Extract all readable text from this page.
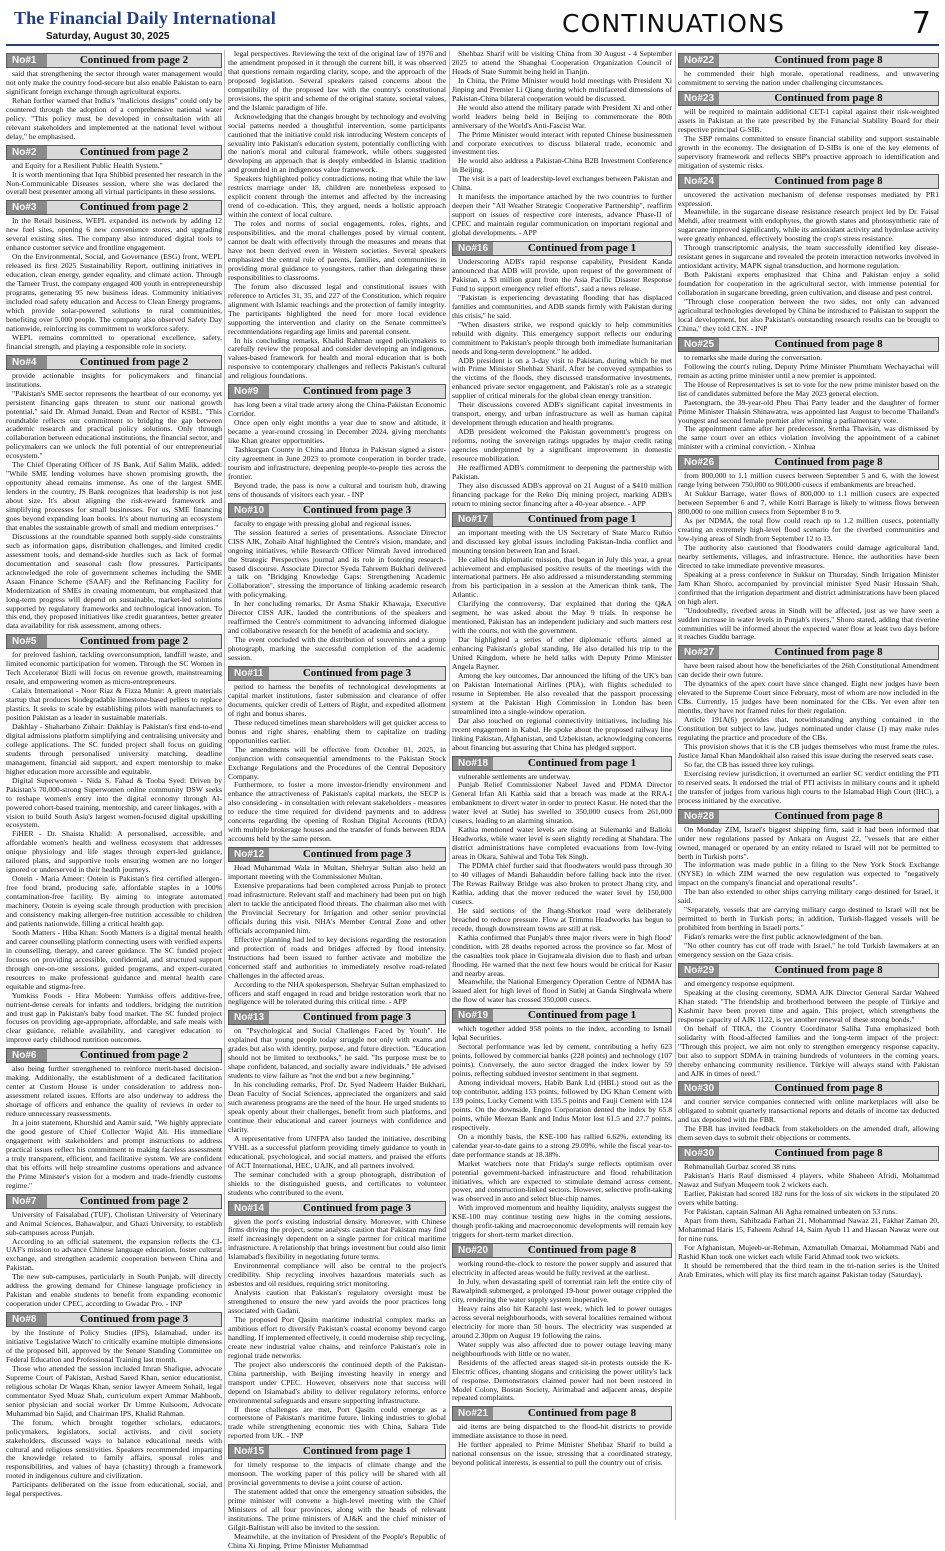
The Financial Daily International
Saturday, August 30, 2025	CONTINUATIONS	7
No#1	Continued from page 2

said that strengthening the sector through water management would not only make the country food-secure but also enable Pakistan to earn significant foreign exchange through agricultural exports.

Rehan further warned that India's "malicious designs" could only be countered through the adoption of a comprehensive national water policy. "This policy must be developed in consultation with all relevant stakeholders and implemented at the national level without delay," he emphasised.

No#2	Continued from page 2

and Equity for a Resilient Public Health System."

It is worth mentioning that Iqra Shibbid presented her research in the Non-Communicable Diseases session, where she was declared the overall best presenter among all virtual participants in these sessions.

No#3	Continued from page 2

In the Retail business, WEPL expanded its network by adding 12 new fuel sites, opening 6 new convenience stores, and upgrading several existing sites. The company also introduced digital tools to enhance customer service and frontline engagement.

On the Environmental, Social, and Governance (ESG) front, WEPL released its first 2025 Sustainability Report, outlining initiatives in education, clean energy, gender equality, and climate action. Through the Tameer Trust, the company engaged 400 youth in entrepreneurship programs, generating 95 new business ideas. Community initiatives included road safety education and Access to Clean Energy programs, which provide solar-powered solutions to rural communities, benefiting over 5,000 people. The company also observed Safety Day nationwide, reinforcing its commitment to workforce safety.

WEPL remains committed to operational excellence, safety, financial strength, and playing a responsible role in society.

No#4	Continued from page 2

provide actionable insights for policymakers and financial institutions.

"Pakistan's SME sector represents the heartbeat of our economy, yet persistent financing gaps threaten to stunt our national growth potential," said Dr. Ahmad Junaid, Dean and Rector of KSBL. "This roundtable reflects our commitment to bridging the gap between academic research and practical policy solutions. Only through collaboration between educational institutions, the financial sector, and policymakers can we unlock the full potential of our entrepreneurial ecosystem."

The Chief Operating Officer of JS Bank, Atif Salim Malik, added: "While SME lending volumes have shown promising growth, the opportunity ahead remains immense. As one of the largest SME lenders in the country, JS Bank recognizes that leadership is not just about size. It's about aligning the risk-reward framework and simplifying processes for small businesses. For us, SME financing goes beyond expanding loan books. It's about nurturing an ecosystem that enables the sustainable growth of small and medium enterprises."

Discussions at the roundtable spanned both supply-side constraints such as information gaps, distribution challenges, and limited credit assessment tools, and demand-side hurdles such as lack of formal documentation and seasonal cash flow pressures. Participants acknowledged the role of government schemes including the SME Asaan Finance Scheme (SAAF) and the Refinancing Facility for Modernization of SMEs in creating momentum, but emphasized that long-term progress will depend on sustainable, market-led solutions supported by regulatory frameworks and technological innovation. To this end, they proposed initiatives like credit guarantees, better greater data availability for risk assessment, among others.

No#5	Continued from page 2

for preloved fashion, tackling overconsumption, landfill waste, and limited economic participation for women. Through the SC Women in Tech Accelerator Bizli will focus on revenue growth, mainstreaming resale, and empowering women as micro-entrepreneurs.

Calaix International - Noor Riaz & Fizza Munir: A green materials startup that produces biodegradable limestone-based pellets to replace plastics. It seeks to scale by establishing pilots with manufacturers to position Pakistan as a leader in sustainable materials.

Dakhlay - Shaharbano Zuhair: Dakhlay is Pakistan's first end-to-end digital admissions platform simplifying and centralising university and college applications. The SC funded project shall focus on guiding students through personalised university matching, deadline management, financial aid support, and expert mentorship to make higher education more accessible and equitable.

Digital Superwomen - Nida S. Fahad & Tooba Syed: Driven by Pakistan's 70,000-strong Superwomen online community DSW seeks to reshape women's entry into the digital economy through AI-powered cohort-based training, mentorship, and career linkages, with a vision to build South Asia's largest women-focused digital upskilling ecosystem.

FiHER - Dr. Shaista Khalid: A personalised, accessible, and affordable women's health and wellness ecosystem that addresses unique physiology and life stages through expert-led guidance, tailored plans, and supportive tools ensuring women are no longer ignored or underserved in their health journeys.

Ootein - Maria Ameer: Ootein is Pakistan's first certified allergen-free food brand, producing safe, affordable staples in a 100% contamination-free facility. By aiming to integrate automated machinery, Ootein is eyeing scale through production with precision and consistency making allergen-free nutrition accessible to children and patients nationwide, filling a critical health gap.

Sooth Matters - Hiba Khan: Sooth Matters is a digital mental health and career counselling platform connecting users with verified experts in counselling, therapy, and career guidance. The SC funded project focuses on providing accessible, confidential, and structured support through one-on-one sessions, guided programs, and expert-curated resources to make professional guidance and mental health care equitable and stigma-free.

Yumkiss Foods - Hira Mobeen: Yumkiss offers additive-free, nutrient-dense cereals for infants and toddlers, bridging the nutrition and trust gap in Pakistan's baby food market. The SC funded project focuses on providing age-appropriate, affordable, and safe meals with clear guidance, reliable availability, and caregiver education to improve early childhood nutrition outcomes.

No#6	Continued from page 2

also being further strengthened to reinforce merit-based decision-making. Additionally, the establishment of a dedicated facilitation center at Custom House is under consideration to address non-assessment related issues. Efforts are also underway to address the shortage of officers and enhance the quality of reviews in order to reduce unnecessary reassessments.

In a joint statement, Khurshid and Aamir said, "We highly appreciate the good gesture of Chief Collector Wajid Ali. His immediate engagement with stakeholders and prompt instructions to address practical issues reflect his commitment to making faceless assessment a truly transparent, efficient, and facilitative system. We are confident that his efforts will help streamline customs operations and advance the Prime Minister's vision for a modern and trade-friendly customs regime."

No#7	Continued from page 2

University of Faisalabad (TUF), Cholistan University of Veterinary and Animal Sciences, Bahawalpur, and Ghazi University, to establish sub-campuses across Punjab.

According to an official statement, the expansion reflects the CI-UAF's mission to advance Chinese language education, foster cultural exchange, and strengthen academic cooperation between China and Pakistan.

The new sub-campuses, particularly in South Punjab, will directly address the growing demand for Chinese language proficiency in Pakistan and enable students to benefit from expanding economic cooperation under CPEC, according to Gwadar Pro. - INP

No#8	Continued from page 3

by the Institute of Policy Studies (IPS), Islamabad, under its initiative 'Legislative Watch' to critically examine multiple dimensions of the proposed bill, approved by the Senate Standing Committee on Federal Education and Professional Training last month.

Those who attended the session included Imran Shafique, advocate Supreme Court of Pakistan, Arshad Saeed Khan, senior educationist, religious scholar Dr Waqas Khan, senior lawyer Ameem Sohail, legal commentator Syed Muaz Shah, curriculum expert Ammar Mahboob, senior physician and social worker Dr Umme Kulsoom, Advocate Muhammad bin Sajid, and Chairman IPS, Khalid Rahman.

The forum, which brought together scholars, educators, policymakers, legislators, social activists, and civil society stakeholders, discussed ways to balance educational needs with cultural and religious sensitivities. Speakers recommended imparting the knowledge related to family affairs, spousal roles and responsibilities, and values of haya (chastity) through a framework rooted in indigenous culture and civilization.

Participants deliberated on the issue from educational, social, and legal perspectives.

legal perspectives. Reviewing the text of the original law of 1976 and the amendment proposed in it through the current bill, it was observed that questions remain regarding clarity, scope, and the approach of the proposed legislation. Several speakers raised concerns about the compatibility of the proposed law with the country's constitutional provisions, the spirit and scheme of the original statute, societal values, and the Islamic paradigm of life.

Acknowledging that the changes brought by technology and evolving social patterns needed a thoughtful intervention, some participants cautioned that the initiative could risk introducing Western concepts of sexuality into Pakistan's education system, potentially conflicting with the nation's moral and cultural framework, while others suggested developing an approach that is deeply embedded in Islamic tradition and grounded in an indigenous value framework.

Speakers highlighted policy contradictions, noting that while the law restricts marriage under 18, children are nonetheless exposed to explicit content through the internet and affected by the increasing trend of co-education. This, they argued, needs a holistic approach within the context of local culture.

The roles and norms of social engagements, roles, rights, and responsibilities, and the moral challenges posed by virtual content, cannot be dealt with effectively through the measures and means that have not been derived even in Western societies. Several speakers emphasized the central role of parents, families, and communities in providing moral guidance to youngsters, rather than delegating these responsibilities to classrooms.

The forum also discussed legal and constitutional issues with reference to Articles 31, 35, and 227 of the Constitution, which require alignment with Islamic teachings and the protection of family integrity. The participants highlighted the need for more local evidence supporting the intervention and clarity on the Senate committee's recommendations regarding age limits and parental consent.

In his concluding remarks, Khalid Rahman urged policymakers to carefully review the proposal and consider developing an indigenous, values-based framework for health and moral education that is both responsive to contemporary challenges and reflects Pakistan's cultural and religious foundations.

No#9	Continued from page 3

has long been a vital trade artery along the China-Pakistan Economic Corridor.

Once open only eight months a year due to snow and altitude, it became a year-round crossing in December 2024, giving merchants like Khan greater opportunities.

Tashkurgan County in China and Hunza in Pakistan signed a sister-city agreement in June 2023 to promote cooperation in border trade, tourism and infrastructure, deepening people-to-people ties across the frontier.

Beyond trade, the pass is now a cultural and tourism hub, drawing tens of thousands of visitors each year. - INP

No#10	Continued from page 3

faculty to engage with pressing global and regional issues.

The session featured a series of presentations. Associate Director CISS AJK, Zohaib Altaf highlighted the Centre's vision, mandate, and ongoing initiatives, while Research Officer Nimrah Javed introduced the Strategic Perspectives journal and its role in fostering research-based discourse. Associate Director Syeda Tahreem Bukhari delivered a talk on "Bridging Knowledge Gaps: Strengthening Academic Collaboration", stressing the importance of linking academic research with policymaking.

In her concluding remarks, Dr Asma Shakir Khawaja, Executive Director CISS AJK, lauded the contributions of the speakers and reaffirmed the Centre's commitment to advancing informed dialogue and collaborative research for the benefit of academia and society.

The event concluded with the distribution of souvenirs and a group photograph, marking the successful completion of the academic session.

No#11	Continued from page 3

period to harness the benefits of technological developments at capital market institutions, faster submission and clearance of offer documents, quicker credit of Letters of Right, and expedited allotment of right and bonus shares.

These reduced timelines mean shareholders will get quicker access to bonus and right shares, enabling them to capitalize on trading opportunities earlier.

The amendments will be effective from October 01, 2025, in conjunction with consequential amendments to the Pakistan Stock Exchange Regulations and the Procedures of the Central Depository Company.

Furthermore, to foster a more investor-friendly environment and enhance the attractiveness of Pakistan's capital markets, the SECP is also considering - in consultation with relevant stakeholders - measures to reduce the time required for dividend payments and to address concerns regarding the opening of Roshan Digital Accounts (RDA) with multiple brokerage houses and the transfer of funds between RDA accounts held by the same person.

No#12	Continued from page 3

Head Muhammad Wala in Multan, Shehryar Sultan also held an important meeting with the Commissioner Multan.

Extensive preparations had been completed across Punjab to protect road infrastructure. Relevant staff and machinery had been put on high alert to tackle the anticipated flood threats. The chairman also met with the Provincial Secretary for Irrigation and other senior provincial officials during this visit. NHA's Member Central Zone and other officials accompanied him.

Effective planning had led to key decisions regarding the restoration and protection of roads and bridges affected by flood intensity. Instructions had been issued to further activate and mobilize the concerned staff and authorities to immediately resolve road-related challenges in the affected areas.

According to the NHA spokesperson, Shehryar Sultan emphasized to officers and staff engaged in road and bridge restoration work that no negligence will be tolerated during this critical time. - APP

No#13	Continued from page 3

on "Psychological and Social Challenges Faced by Youth". He explained that young people today struggle not only with exams and grades but also with identity, purpose, and future direction. "Education should not be limited to textbooks," he said. "Its purpose must be to shape confident, balanced, and socially aware individuals." He advised students to view failure as "not the end but a new beginning."

In his concluding remarks, Prof. Dr. Syed Nadeem Haider Bukhari, Dean Faculty of Social Sciences, appreciated the organizers and said such awareness programs are the need of the hour. He urged students to speak openly about their challenges, benefit from such platforms, and continue their educational and career journeys with confidence and clarity.

A representative from UNFPA also lauded the initiative, describing YVHL as a successful platform providing timely guidance to youth in educational, psychological, and social matters, and praised the efforts of ACT International, HEC, UAJK, and all partners involved.

The seminar concluded with a group photograph, distribution of shields to the distinguished guests, and certificates to volunteer students who contributed to the event.

No#14	Continued from page 3

given the port's existing industrial density. Moreover, with Chinese firms driving the project, some analysts caution that Pakistan may find itself increasingly dependent on a single partner for critical maritime infrastructure. A relationship that brings investment but could also limit Islamabad's flexibility in negotiating future terms.

Environmental compliance will also be central to the project's credibility. Ship recycling involves hazardous materials such as asbestos and oil residues, requiring strict monitoring.

Analysts caution that Pakistan's regulatory oversight must be strengthened to ensure the new yard avoids the poor practices long associated with Gadani.

The proposed Port Qasim maritime industrial complex marks an ambitious effort to diversify Pakistan's coastal economy beyond cargo handling. If implemented effectively, it could modernise ship recycling, create new industrial value chains, and reinforce Pakistan's role in regional trade networks.

The project also underscores the continued depth of the Pakistan-China partnership, with Beijing investing heavily in energy and transport under CPEC. However, observers note that success will depend on Islamabad's ability to deliver regulatory reforms, enforce environmental safeguards and ensure supporting infrastructure.

If these challenges are met, Port Qasim could emerge as a cornerstone of Pakistan's maritime future, linking industries to global trade while strengthening economic ties with China, Sahara Tide reported from UK. - INP

No#15	Continued from page 1

for timely response to the impacts of climate change and the monsoon. The working paper of this policy will be shared with all provincial governments to devise a joint course of action.

The statement added that once the emergency situation subsides, the prime minister will convene a high-level meeting with the Chief Ministers of all four provinces, along with the heads of relevant institutions. The prime ministers of AJ&K and the chief minister of Gilgit-Baltistan will also be invited to the session.

Meanwhile, at the invitation of President of the People's Republic of China Xi Jinping, Prime Minister Muhammad

Shehbaz Sharif will be visiting China from 30 August - 4 September 2025 to attend the Shanghai Cooperation Organization Council of Heads of State Summit being held in Tianjin.

In China, the Prime Minister would hold meetings with President Xi Jinping and Premier Li Qiang during which multifaceted dimensions of Pakistan-China bilateral cooperation would be discussed.

He would also attend the military parade with President Xi and other world leaders being held in Beijing to commemorate the 80th anniversary of the World's Anti-Fascist War.

The Prime Minister would interact with reputed Chinese businessmen and corporate executives to discuss bilateral trade, economic and investment ties.

He would also address a Pakistan-China B2B Investment Conference in Beijing.

The visit is a part of leadership-level exchanges between Pakistan and China.

It manifests the importance attached by the two countries to further deepen their "All Weather Strategic Cooperative Partnership", reaffirm support on issues of respective core interests, advance Phase-II of CPEC and maintain regular communication on important regional and global developments. - APP

No#16	Continued from page 1

Underscoring ADB's rapid response capability, President Kanda announced that ADB will provide, upon request of the government of Pakistan, a $3 million grant from the Asia Pacific Disaster Response Fund to support emergency relief efforts", said a news release.

"Pakistan is experiencing devastating flooding that has displaced families and communities, and ADB stands firmly with Pakistan during this crisis," he said.

"When disasters strike, we respond quickly to help communities rebuild with dignity. This emergency support reflects our enduring commitment to Pakistan's people through both immediate humanitarian needs and long-term development." he added.

ADB president is on a 3-day visit to Pakistan, during which he met with Prime Minister Shehbaz Sharif. After he conveyed sympathies to the victims of the floods, they discussed transformative investments, enhanced private sector engagement, and Pakistan's role as a strategic supplier of critical minerals for the global clean energy transition.

Their discussions covered ADB's significant capital investments in transport, energy, and urban infrastructure as well as human capital development through education and health programs.

ADB president welcomed the Pakistan government's progress on reforms, noting the sovereign ratings upgrades by major credit rating agencies underpinned by a significant improvement in domestic resource mobilization.

He reaffirmed ADB's commitment to deepening the partnership with Pakistan.

They also discussed ADB's approval on 21 August of a $410 million financing package for the Reko Diq mining project, marking ADB's return to mining sector financing after a 40-year absence. - APP

No#17	Continued from page 1

an important meeting with the US Secretary of State Marco Rubio and discussed key global issues including Pakistan-India conflict and mounting tension between Iran and Israel.

He called his diplomatic mission, that began in July this year, a great achievement and emphasised positive results of the meetings with the international partners. He also addressed a misunderstanding stemming from his participation in a session at the American think tank, The Atlantic.

Clarifying the controversy, Dar explained that during the Q&A segment, he was asked about the May 9 trials. In response he mentioned, Pakistan has an independent judiciary and such matters rest with the courts, not with the government.

Dar highlighted a series of other diplomatic efforts aimed at enhancing Pakistan's global standing. He also detailed his trip to the United Kingdom, where he held talks with Deputy Prime Minister Angela Rayner.

Among the key outcomes, Dar announced the lifting of the UK's ban on Pakistan International Airlines (PIA), with flights scheduled to resume in September. He also revealed that the passport processing system at the Pakistan High Commission in London has been streamlined into a single-window operation.

Dar also touched on regional connectivity initiatives, including his recent engagement in Kabul. He spoke about the proposed railway line linking Pakistan, Afghanistan, and Uzbekistan, acknowledging concerns about financing but assuring that China has pledged support.

No#18	Continued from page 1

vulnerable settlements are underway.

Punjab Relief Commissioner Nabeel Javed and PDMA Director General Irfan Ali Kathia said that a breach was made at the RRA-I embankment to divert water in order to protect Kasur. He noted that the water level at Sutlej has swelled to 350,000 cusecs from 261,000 cusecs, leading to an alarming situation.

Kathia mentioned water levels are rising at Sulemanki and Balloki Headworks, while water level is seen slightly receding at Shahdara. The district administrations have completed evacuations from low-lying areas in Okara, Sahiwal and Toba Tek Singh.

The PDMA chief further said that floodwaters would pass through 30 to 40 villages of Mandi Bahauddin before falling back into the river. The Rewas Railway Bridge was also broken to protect Jhang city, and Kathia, adding that the mover reduced the water level by 150,000 cusecs.

He said sections of the Jhang-Shorkot road were deliberately breached to reduce pressure. Flow at Trimmu Headworks has begun to recede, though downstream towns are still at risk.

Kathia confirmed that Punjab's three major rivers were in 'high flood' condition, with 28 deaths reported across the province so far. Most of the casualties took place in Gujranwala division due to flash and urban flooding. He warned that the next few hours would be critical for Kasur and nearby areas.

Meanwhile, the National Emergency Operation Centre of NDMA has issued alert for high level of flood in Sutlej at Ganda Singhwala where the flow of water has crossed 350,000 cusecs.

No#19	Continued from page 1

which together added 958 points to the index, according to Ismail Iqbal Securities.

Sectoral performance was led by cement, contributing a hefty 623 points, followed by commercial banks (228 points) and technology (107 points). Conversely, the auto sector dragged the index lower by 59 points, reflecting subdued investor sentiment in that segment.

Among individual movers, Habib Bank Ltd (HBL) stood out as the top contributor, adding 153 points, followed by DG Khan Cement with 139 points, Lucky Cement with 135.5 points and Fauji Cement with 124 points. On the downside, Engro Corporation dented the index by 65.8 points, while Meezan Bank and Indus Motor lost 61.5 and 27.7 points, respectively.

On a monthly basis, the KSE-100 has rallied 6.62%, extending its calendar year-to-date gains to a strong 29.09%, while the fiscal year-to-date performance stands at 18.38%.

Market watchers note that Friday's surge reflects optimism over potential government-backed infrastructure and flood rehabilitation initiatives, which are expected to stimulate demand across cement, power, and construction-linked sectors. However, selective profit-taking was observed in auto and select blue-chip names.

With improved momentum and healthy liquidity, analysts suggest the KSE-100 may continue testing new highs in the coming sessions, though profit-taking and macroeconomic developments will remain key triggers for short-term market direction.

No#20	Continued from page 8

working round-the-clock to restore the power supply and assured that electricity in affected areas would be fully revived at the earliest.

In July, when devastating spell of torrential rain left the entire city of Rawalpindi submerged, a prolonged 19-hour power outage crippled the city, rendering the water supply system inoperative.

Heavy rains also hit Karachi last week, which led to power outages across several neighbourhoods, with several localities remained without electricity for more than 50 hours. The electricity was suspended at around 2.30pm on August 19 following the rains.

Water supply was also affected due to power outage leaving many neighbourhoods with little or no water.

Residents of the affected areas staged sit-in protests outside the K-Electric offices, chanting slogans and criticising the power utility's lack of response. Demonstrators claimed power had not been restored in Model Colony, Bostan Society, Airimabad and adjacent areas, despite repeated complaints.

No#21	Continued from page 8

aid items are being dispatched to the flood-hit districts to provide immediate assistance to those in need.

He further appealed to Prime Minister Shehbaz Sharif to build a national consensus on the issue, stressing that a coordinated strategy, beyond political interests, is essential to pull the country out of crisis.

No#22	Continued from page 8

he commended their high morale, operational readiness, and unwavering commitment to serving the nation under challenging circumstances.

No#23	Continued from page 8

will be required to maintain additional CET-1 capital against their risk-weighted assets in Pakistan at the rate prescribed by the Financial Stability Board for their respective principal G-SIB.

The SBP remains committed to ensure financial stability and support sustainable growth in the economy. The designation of D-SIBs is one of the key elements of supervisory framework and reflects SBP's proactive approach to identification and mitigation of systemic risks.

No#24	Continued from page 8

uncovered the activation mechanism of defense responses mediated by PR1 expression.

Meanwhile, in the sugarcane disease resistance research project led by Dr. Faisal Mehdi, after treatment with endophytes, the growth states and photosynthetic rate of sugarcane improved significantly, while its antioxidant activity and hydrolase activity were greatly enhanced, effectively boosting the crop's stress resistance.

Through transcriptomic analysis, the team successfully identified key disease-resistant genes in sugarcane and revealed the protein interaction networks involved in antioxidant activity, MAPK signal transduction, and hormone regulation.

Both Pakistani experts emphasized that China and Pakistan enjoy a solid foundation for cooperation in the agricultural sector, with immense potential for collaboration in sugarcane breeding, green cultivation, and disease and pest control.

"Through close cooperation between the two sides, not only can advanced agricultural technologies developed by China be introduced to Pakistan to support the local development, but also Pakistan's outstanding research results can be brought to China," they told CEN. - INP

No#25	Continued from page 8

to remarks she made during the conversation.

Following the court's ruling, Deputy Prime Minister Phumtham Wechayachai will remain as acting prime minister until a new premier is appointed.

The House of Representatives is set to vote for the new prime minister based on the list of candidates submitted before the May 2023 general election.

Paetongtarn, the 39-year-old Pheu Thai Party leader and the daughter of former Prime Minister Thaksin Shinawatra, was appointed last August to become Thailand's youngest and second female premier after winning a parliamentary vote.

The appointment came after her predecessor, Srettha Thavisin, was dismissed by the same court over an ethics violation involving the appointment of a cabinet minister with a criminal conviction. - Xinhua

No#26	Continued from page 8

from 800,000 to 1.1 million cusecs between September 5 and 6, with the lowest range lying between 750,000 to 900,000 cusecs if embankments are breached.

At Sukkur Barrage, water flows of 800,000 to 1.1 million cusecs are expected between September 6 and 7, while Kotri Barrage is likely to witness flows between 800,000 to one million cusecs from September 8 to 9.

As per NDMA, the total flow could reach up to 1.2 million cusecs, potentially creating an extremely high-level flood scenario for the riverbed communities and low-lying areas of Sindh from September 12 to 13.

The authority also cautioned that floodwaters could damage agricultural land, nearby settlements, villages, and infrastructure. Hence, the authorities have been directed to take immediate preventive measures.

Speaking at a press conference in Sukkur on Thursday, Sindh Irrigation Minister Jam Khan Shoro, accompanied by provincial minister Syed Nasir Hussain Shah, confirmed that the irrigation department and district administrations have been placed on high alert.

"Undoubtedly, riverbed areas in Sindh will be affected, just as we have seen a sudden increase in water levels in Punjab's rivers," Shoro stated, adding that riverine communities will be informed about the expected water flow at least two days before it reaches Guddu barrage.

No#27	Continued from page 8

have been raised about how the beneficiaries of the 26th Constitutional Amendment can decide their own future.

The dynamics of the apex court have since changed. Eight new judges have been elevated to the Supreme Court since February, most of whom are now included in the CBs. Currently, 15 judges have been nominated for the CBs. Yet even after ten months, they have not framed rules for their regulation.

Article 191A(6) provides that, notwithstanding anything contained in the Constitution but subject to law, judges nominated under clause (1) may make rules regulating the practice and procedure of the CBs.

This provision shows that it is the CB judges themselves who must frame the rules. Justice Jamal Khan Mandokhail also raised this issue during the reserved seats case.

So far, the CB has issued three key rulings.

Exercising review jurisdiction, it overturned an earlier SC verdict entitling the PTI to reserved seats. It endorsed the trial of PTI activists in military courts and it upheld the transfer of judges from various high courts to the Islamabad High Court (IHC), a process initiated by the executive.

No#28	Continued from page 8

On Monday ZIM, Israel's biggest shipping firm, said it had been informed that under new regulations passed by Ankara on August 22, "vessels that are either owned, managed or operated by an entity related to Israel will not be permitted to berth in Turkish ports".

The information was made public in a filing to the New York Stock Exchange (NYSE) in which ZIM warned the new regulation was expected to "negatively impact on the company's financial and operational results".

The ban also extended to other ships carrying military cargo destined for Israel, it said.

"Separately, vessels that are carrying military cargo destined to Israel will not be permitted to berth in Turkish ports; in addition, Turkish-flagged vessels will be prohibited from berthing in Israeli ports."

Fidan's remarks were the first public acknowledgment of the ban.

"No other country has cut off trade with Israel," he told Turkish lawmakers at an emergency session on the Gaza crisis.

No#29	Continued from page 8

and emergency response equipment.

Speaking at the closing ceremony, SDMA AJK Director General Sardar Waheed Khan stated: "The friendship and brotherhood between the people of Türkiye and Kashmir have been proven time and again. This project, which strengthens the response capacity of AJK 1122, is yet another renewal of these strong bonds."

On behalf of TIKA, the Country Coordinator Saliha Tuna emphasized both solidarity with flood-affected families and the long-term impact of the project: "Through this project, we aim not only to strengthen emergency response capacity, but also to support SDMA in training hundreds of volunteers in the coming years, thereby enhancing community resilience. Türkiye will always stand with Pakistan and AJK in times of need."

No#30	Continued from page 8

and courier service companies connected with online marketplaces will also be obligated to submit quarterly transactional reports and details of income tax deducted and tax deposited with the FBR.

The FBR has invited feedback from stakeholders on the amended draft, allowing them seven days to submit their objections or comments.

No#30	Continued from page 8

Rehmanullah Gurbaz scored 38 runs.

Pakistan's Haris Rauf dismissed 4 players, while Shaheen Afridi, Mohammad Nawaz and Sufyan Muqeem took 2 wickets each.

Earlier, Pakistan had scored 182 runs for the loss of six wickets in the stipulated 20 overs while batting.

For Pakistan, captain Salman Ali Agha remained unbeaten on 53 runs.

Apart from them, Sahibzada Farhan 21, Mohammad Nawaz 21, Fakhar Zaman 20, Mohammad Haris 15, Faheem Ashraf 14, Saim Ayub 11 and Hassan Nawaz were out for nine runs.

For Afghanistan, Mujeeb-ur-Rehman, Azmatullah Omarzai, Mohammad Nabi and Rashid Khan took one wicket each while Farid Ahmad took two wickets.

It should be remembered that the third team in the tri-nation series is the United Arab Emirates, which will play its first match against Pakistan today (Saturday).
